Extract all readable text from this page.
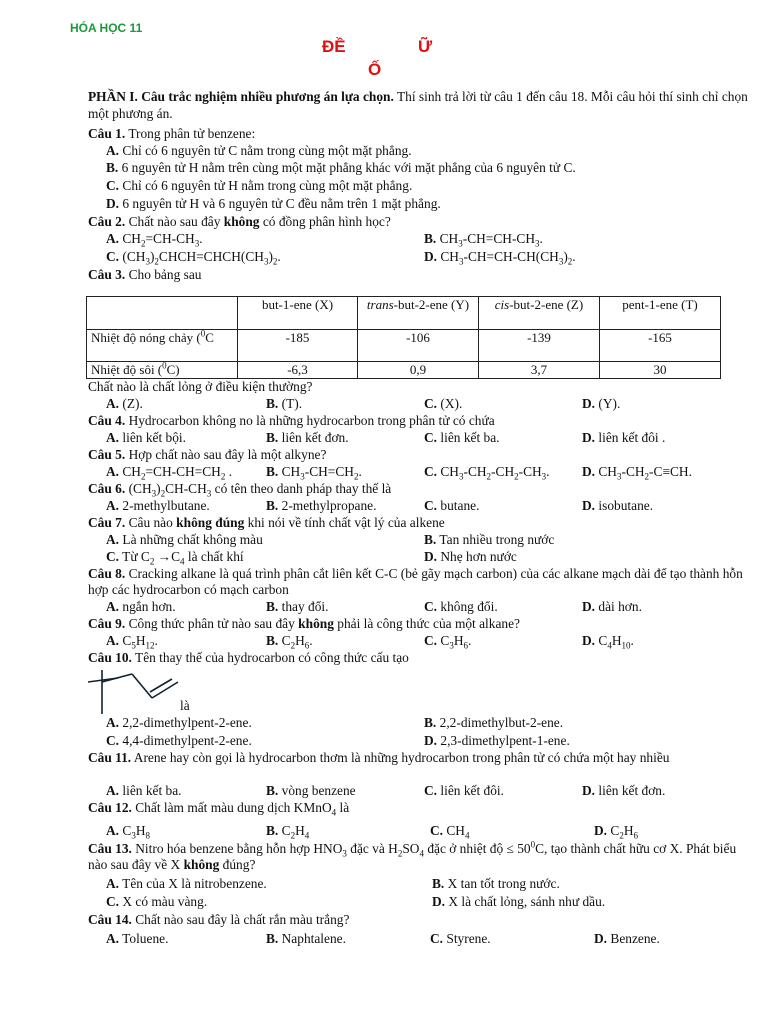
HÓA HỌC 11
ĐỀ	Ữ
Ố
PHẦN I. Câu trắc nghiệm nhiều phương án lựa chọn. Thí sinh trả lời từ câu 1 đến câu 18. Mỗi câu hỏi thí sinh chỉ chọn một phương án.
Câu 1. Trong phân tử benzene:
A. Chỉ có 6 nguyên tử C nằm trong cùng một mặt phẳng.
B. 6 nguyên tử H nằm trên cùng một mặt phẳng khác với mặt phẳng của 6 nguyên tử C.
C. Chỉ có 6 nguyên tử H nằm trong cùng một mặt phẳng.
D. 6 nguyên tử H và 6 nguyên tử C đều nằm trên 1 mặt phẳng.
Câu 2. Chất nào sau đây không có đồng phân hình học?
A. $CH_2=CH-CH_3$.	B. $CH_3-CH=CH-CH_3$.
C. $(CH_3)_2CHCH=CHCH(CH_3)_2$.	D. $CH_3-CH=CH-CH(CH_3)_2$.
Câu 3. Cho bảng sau
	but-1-ene (X)	trans-but-2-ene (Y)	cis-but-2-ene (Z)	pent-1-ene (T)
Nhiệt độ nóng chảy ($^0$C	-185	-106	-139	-165
Nhiệt độ sôi ($^0$C)	-6,3	0,9	3,7	30
Chất nào là chất lỏng ở điều kiện thường?
A. (Z).	B. (T).	C. (X).	D. (Y).
Câu 4. Hydrocarbon không no là những hydrocarbon trong phân tử có chứa
A. liên kết bội.	B. liên kết đơn.	C. liên kết ba.	D. liên kết đôi .
Câu 5. Hợp chất nào sau đây là một alkyne?
A. $CH_2=CH-CH=CH_2$ .	B. $CH_3-CH=CH_2$.	C. $CH_3-CH_2-CH_2-CH_3$. D. $CH_3-CH_2-C\equiv CH$.
Câu 6. $(CH_3)_2CH-CH_3$ có tên theo danh pháp thay thế là
A. 2-methylbutane.	B. 2-methylpropane.	C. butane.	D. isobutane.
Câu 7. Câu nào không đúng khi nói về tính chất vật lý của alkene
A. Là những chất không màu	B. Tan nhiều trong nước
C. Từ $C_2 \to C_4$ là chất khí	D. Nhẹ hơn nước
Câu 8. Cracking alkane là quá trình phân cắt liên kết C-C (bẻ gãy mạch carbon) của các alkane mạch dài để tạo thành hỗn hợp các hydrocarbon có mạch carbon
A. ngắn hơn.	B. thay đổi.	C. không đổi.	D. dài hơn.
Câu 9. Công thức phân tử nào sau đây không phải là công thức của một alkane?
A. $C_5H_{12}$.	B. $C_2H_6$.	C. $C_3H_6$.	D. $C_4H_{10}$.
Câu 10. Tên thay thế của hydrocarbon có công thức cấu tạo
là
A. 2,2-dimethylpent-2-ene.	B. 2,2-dimethylbut-2-ene.
C. 4,4-dimethylpent-2-ene.	D. 2,3-dimethylpent-1-ene.
Câu 11. Arene hay còn gọi là hydrocarbon thơm là những hydrocarbon trong phân tử có chứa một hay nhiều
A. liên kết ba.	B. vòng benzene	C. liên kết đôi.	D. liên kết đơn.
Câu 12. Chất làm mất màu dung dịch KMnO$_4$ là
A. $C_3H_8$	B. $C_2H_4$	C. $CH_4$	D. $C_2H_6$
Câu 13. Nitro hóa benzene bằng hỗn hợp $HNO_3$ đặc và $H_2SO_4$ đặc ở nhiệt độ ≤ $50^0C$, tạo thành chất hữu cơ X. Phát biểu nào sau đây về X không đúng?
A. Tên của X là nitrobenzene.	B. X tan tốt trong nước.
C. X có màu vàng.	D. X là chất lỏng, sánh như dầu.
Câu 14. Chất nào sau đây là chất rắn màu trắng?
A. Toluene.	B. Naphtalene.	C. Styrene.	D. Benzene.
